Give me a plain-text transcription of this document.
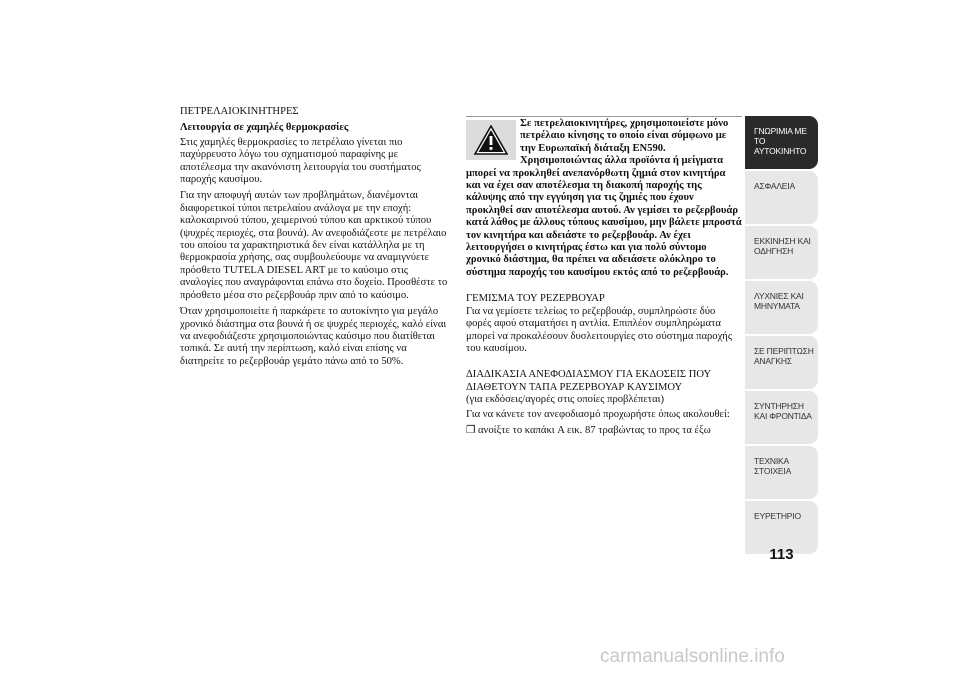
ΠΕΤΡΕΛΑΙΟΚΙΝΗΤΗΡΕΣ
Λειτουργία σε χαμηλές θερμοκρασίες
Στις χαμηλές θερμοκρασίες το πετρέλαιο γίνεται πιο παχύρρευστο λόγω του σχηματισμού παραφίνης με αποτέλεσμα την ακανόνιστη λειτουργία του συστήματος παροχής καυσίμου.
Για την αποφυγή αυτών των προβλημάτων, διανέμονται διαφορετικοί τύποι πετρελαίου ανάλογα με την εποχή: καλοκαιρινού τύπου, χειμερινού τύπου και αρκτικού τύπου (ψυχρές περιοχές, στα βουνά). Αν ανεφοδιάζεστε με πετρέλαιο του οποίου τα χαρακτηριστικά δεν είναι κατάλληλα με τη θερμοκρασία χρήσης, σας συμβουλεύουμε να αναμιγνύετε πρόσθετο TUTELA DIESEL ART με το καύσιμο στις αναλογίες που αναγράφονται επάνω στο δοχείο. Προσθέστε το πρόσθετο μέσα στο ρεζερβουάρ πριν από το καύσιμο.
Όταν χρησιμοποιείτε ή παρκάρετε το αυτοκίνητο για μεγάλο χρονικό διάστημα στα βουνά ή σε ψυχρές περιοχές, καλό είναι να ανεφοδιάζεστε χρησιμοποιώντας καύσιμο που διατίθεται τοπικά. Σε αυτή την περίπτωση, καλό είναι επίσης να διατηρείτε το ρεζερβουάρ γεμάτο πάνω από το 50%.
Σε πετρελαιοκινητήρες, χρησιμοποιείστε μόνο πετρέλαιο κίνησης το οποίο είναι σύμφωνο με την Ευρωπαϊκή διάταξη EN590. Χρησιμοποιώντας άλλα προϊόντα ή μείγματα μπορεί να προκληθεί ανεπανόρθωτη ζημιά στον κινητήρα και να έχει σαν αποτέλεσμα τη διακοπή παροχής της κάλυψης από την εγγύηση για τις ζημιές που έχουν προκληθεί σαν αποτέλεσμα αυτού. Αν γεμίσει το ρεζερβουάρ κατά λάθος με άλλους τύπους καυσίμου, μην βάλετε μπροστά τον κινητήρα και αδειάστε το ρεζερβουάρ. Αν έχει λειτουργήσει ο κινητήρας έστω και για πολύ σύντομο χρονικό διάστημα, θα πρέπει να αδειάσετε ολόκληρο το σύστημα παροχής του καυσίμου εκτός από το ρεζερβουάρ.
ΓΕΜΙΣΜΑ ΤΟΥ ΡΕΖΕΡΒΟΥΑΡ
Για να γεμίσετε τελείως το ρεζερβουάρ, συμπληρώστε δύο φορές αφού σταματήσει η αντλία. Επιπλέον συμπληρώματα μπορεί να προκαλέσουν δυσλειτουργίες στο σύστημα παροχής του καυσίμου.
ΔΙΑΔΙΚΑΣΙΑ ΑΝΕΦΟΔΙΑΣΜΟΥ ΓΙΑ ΕΚΔΟΣΕΙΣ ΠΟΥ ΔΙΑΘΕΤΟΥΝ ΤΑΠΑ ΡΕΖΕΡΒΟΥΑΡ ΚΑΥΣΙΜΟΥ
(για εκδόσεις/αγορές στις οποίες προβλέπεται)
Για να κάνετε τον ανεφοδιασμό προχωρήστε όπως ακολουθεί:
❒ ανοίξτε το καπάκι A εικ. 87 τραβώντας το προς τα έξω
ΓΝΩΡΙΜΙΑ ΜΕ ΤΟ ΑΥΤΟΚΙΝΗΤΟ
ΑΣΦΑΛΕΙΑ
ΕΚΚΙΝΗΣΗ ΚΑΙ ΟΔΗΓΗΣΗ
ΛΥΧΝΙΕΣ ΚΑΙ ΜΗΝΥΜΑΤΑ
ΣΕ ΠΕΡΙΠΤΩΣΗ ΑΝΑΓΚΗΣ
ΣΥΝΤΗΡΗΣΗ ΚΑΙ ΦΡΟΝΤΙΔΑ
ΤΕΧΝΙΚΑ ΣΤΟΙΧΕΙΑ
ΕΥΡΕΤΗΡΙΟ
113
carmanualsonline.info
